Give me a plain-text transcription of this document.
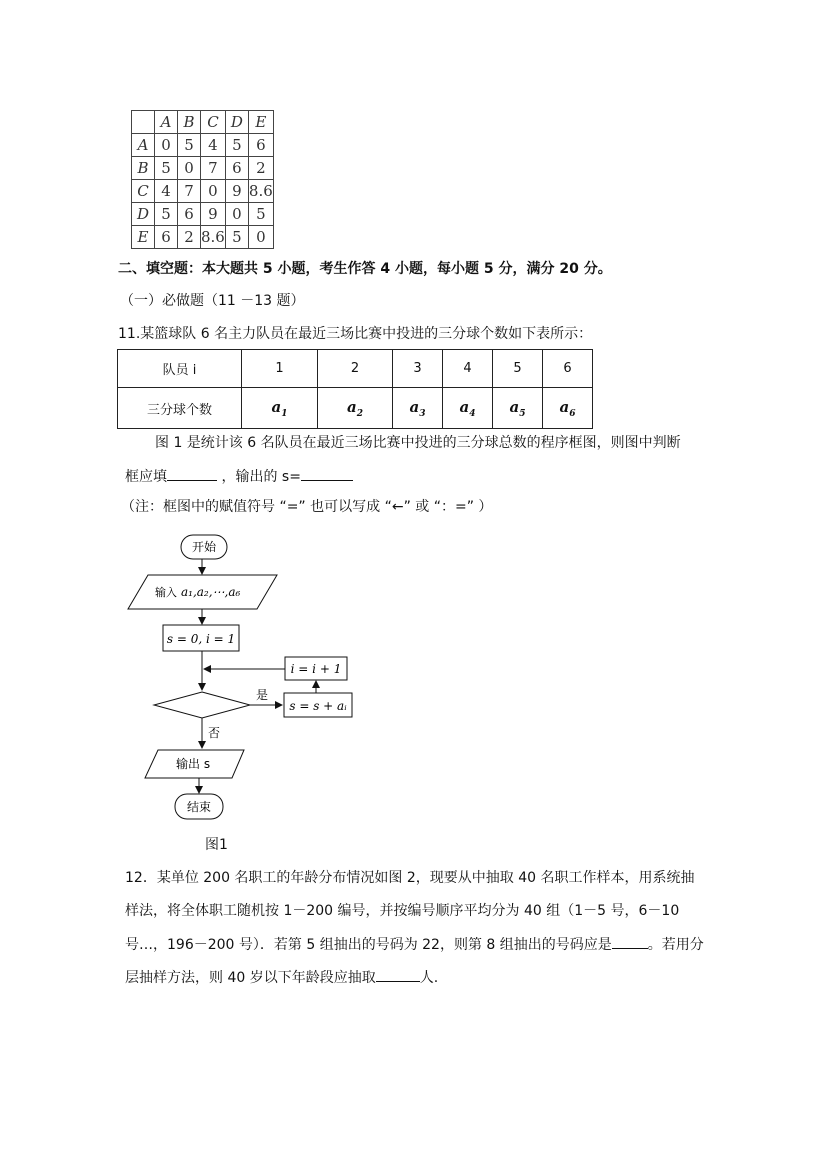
	A	B	C	D	E
A	0	5	4	5	6
B	5	0	7	6	2
C	4	7	0	9	8.6
D	5	6	9	0	5
E	6	2	8.6	5	0
二、填空题：本大题共 5 小题，考生作答 4 小题，每小题 5 分，满分 20 分。
（一）必做题（11 －13 题）
11.某篮球队 6 名主力队员在最近三场比赛中投进的三分球个数如下表所示：
队员 i	1	2	3	4	5	6
三分球个数	$a_1$	$a_2$	$a_3$	$a_4$	$a_5$	$a_6$
图 1 是统计该 6 名队员在最近三场比赛中投进的三分球总数的程序框图，则图中判断
框应填	，输出的 s=
（注：框图中的赋值符号 “=” 也可以写成 “←” 或 “：=” ）
开始
输入 a₁,a₂,⋯,a₆
s = 0, i = 1
是
s = s + aᵢ
i = i + 1
否
输出 s
结束
图1
12．某单位 200 名职工的年龄分布情况如图 2，现要从中抽取 40 名职工作样本，用系统抽
样法，将全体职工随机按 1－200 编号，并按编号顺序平均分为 40 组（1－5 号，6－10
号…，196－200 号）．若第 5 组抽出的号码为 22，则第 8 组抽出的号码应是	。若用分
层抽样方法，则 40 岁以下年龄段应抽取	人.
